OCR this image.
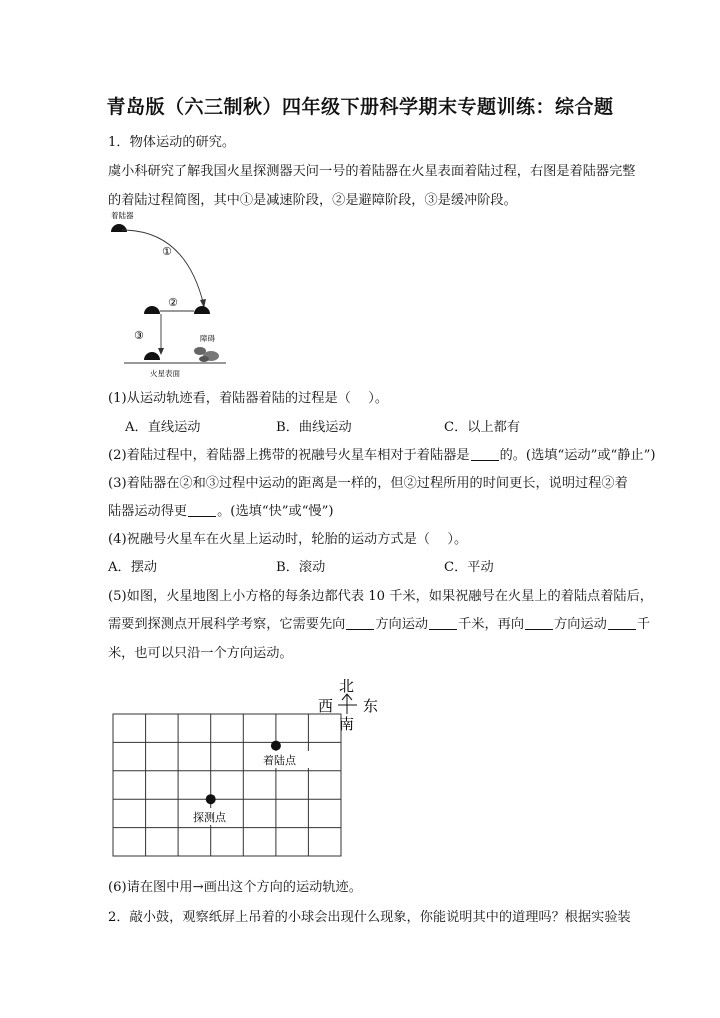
青岛版（六三制秋）四年级下册科学期末专题训练：综合题
1．物体运动的研究。
虞小科研究了解我国火星探测器天问一号的着陆器在火星表面着陆过程，右图是着陆器完整
的着陆过程简图，其中①是减速阶段，②是避障阶段，③是缓冲阶段。
着陆器
①
②
③	障碍
火星表面
(1)从运动轨迹看，着陆器着陆的过程是（　 ）。
A．直线运动	B．曲线运动	C．以上都有
(2)着陆过程中，着陆器上携带的祝融号火星车相对于着陆器是 的。(选填“运动”或“静止”)
(3)着陆器在②和③过程中运动的距离是一样的，但②过程所用的时间更长，说明过程②着
陆器运动得更 。(选填“快”或“慢”)
(4)祝融号火星车在火星上运动时，轮胎的运动方式是（　 ）。
A．摆动	B．滚动	C．平动
(5)如图，火星地图上小方格的每条边都代表 10 千米，如果祝融号在火星上的着陆点着陆后，
需要到探测点开展科学考察，它需要先向 方向运动 千米，再向 方向运动 千
米，也可以只沿一个方向运动。
北
西 东
南
着陆点
探测点
(6)请在图中用→画出这个方向的运动轨迹。
2．敲小鼓，观察纸屏上吊着的小球会出现什么现象，你能说明其中的道理吗？根据实验装
